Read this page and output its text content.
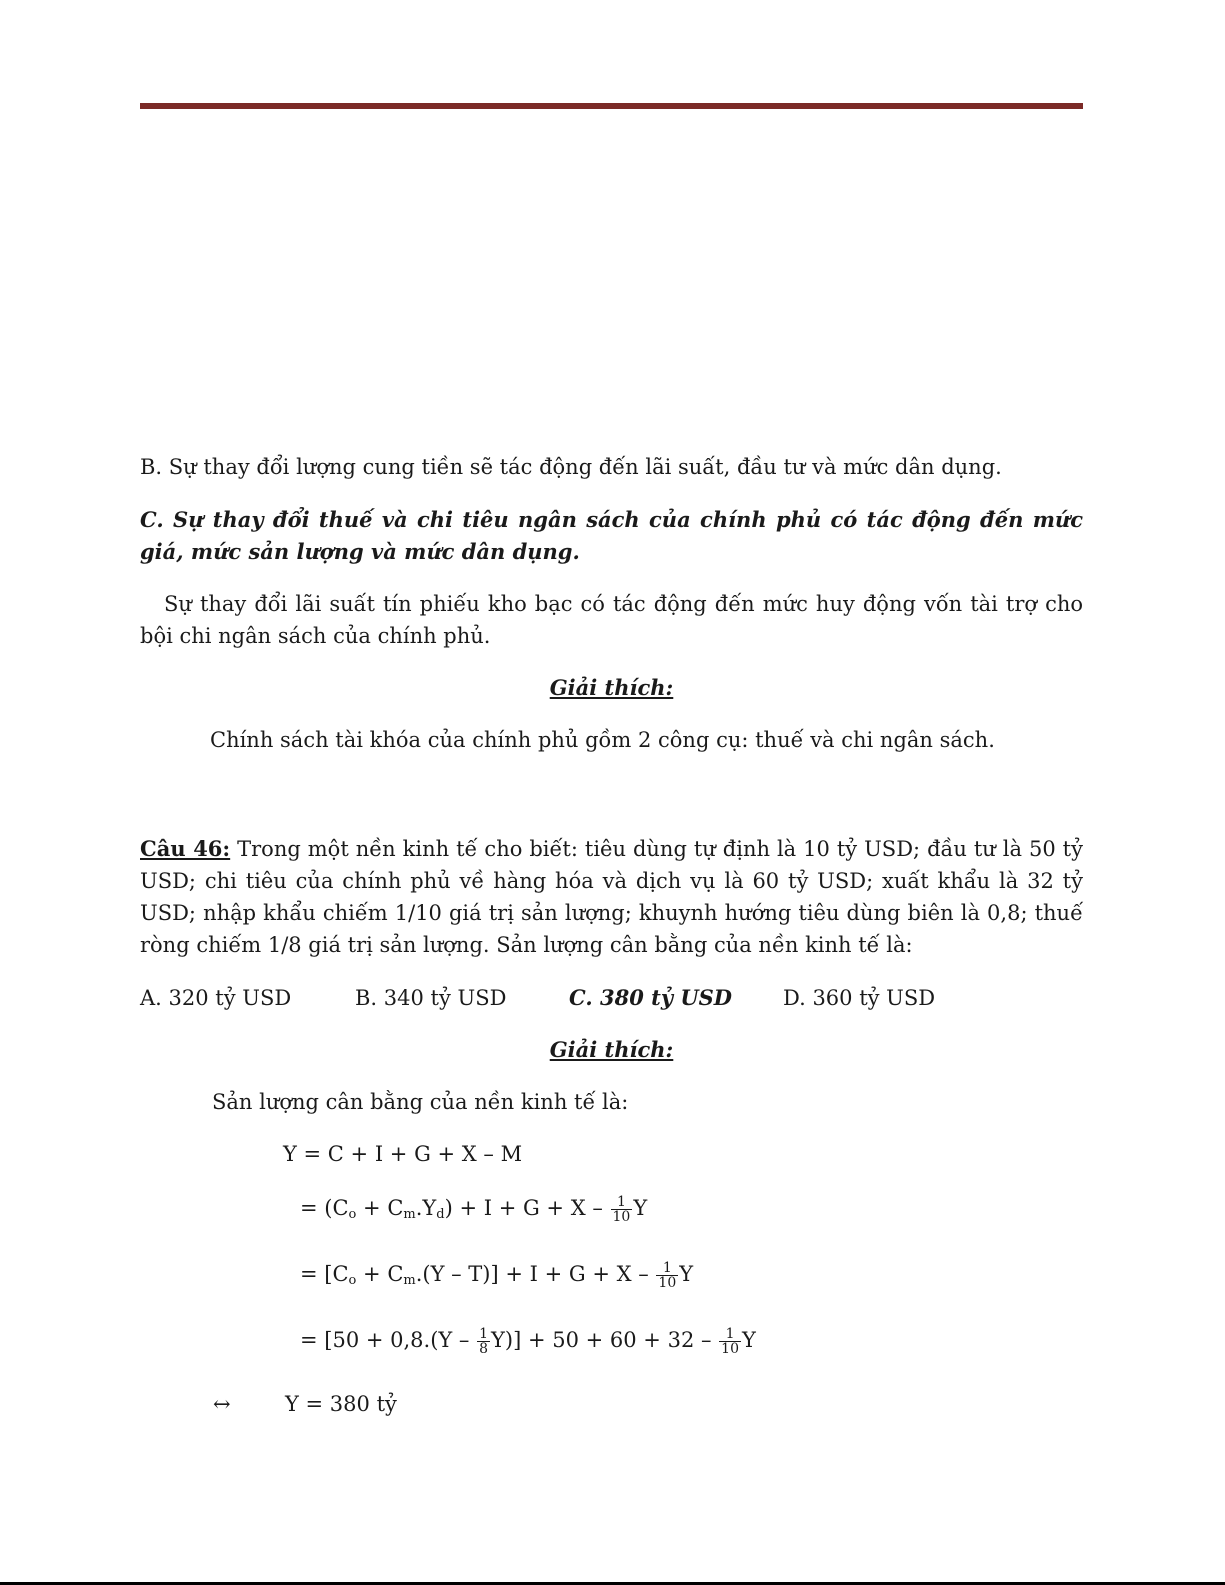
B. Sự thay đổi lượng cung tiền sẽ tác động đến lãi suất, đầu tư và mức dân dụng.
C. Sự thay đổi thuế và chi tiêu ngân sách của chính phủ có tác động đến mức giá, mức sản lượng và mức dân dụng.
Sự thay đổi lãi suất tín phiếu kho bạc có tác động đến mức huy động vốn tài trợ cho bội chi ngân sách của chính phủ.
Giải thích:
Chính sách tài khóa của chính phủ gồm 2 công cụ: thuế và chi ngân sách.
Câu 46: Trong một nền kinh tế cho biết: tiêu dùng tự định là 10 tỷ USD; đầu tư là 50 tỷ USD; chi tiêu của chính phủ về hàng hóa và dịch vụ là 60 tỷ USD; xuất khẩu là 32 tỷ USD; nhập khẩu chiếm 1/10 giá trị sản lượng; khuynh hướng tiêu dùng biên là 0,8; thuế ròng chiếm 1/8 giá trị sản lượng. Sản lượng cân bằng của nền kinh tế là:
A. 320 tỷ USD	B. 340 tỷ USD	C. 380 tỷ USD D. 360 tỷ USD
Giải thích:
Sản lượng cân bằng của nền kinh tế là:
Y = C + I + G + X – M
= $(C_o + C_m.Y_d) + I + G + X - \frac{1}{10}$ Y
= $[C_o + C_m.(Y - T)] + I + G + X - \frac{1}{10}$ Y
= $[50 + 0,8.(Y - \frac{1}{8} Y)] + 50 + 60 + 32 - \frac{1}{10}$ Y
↔	Y = 380 tỷ
